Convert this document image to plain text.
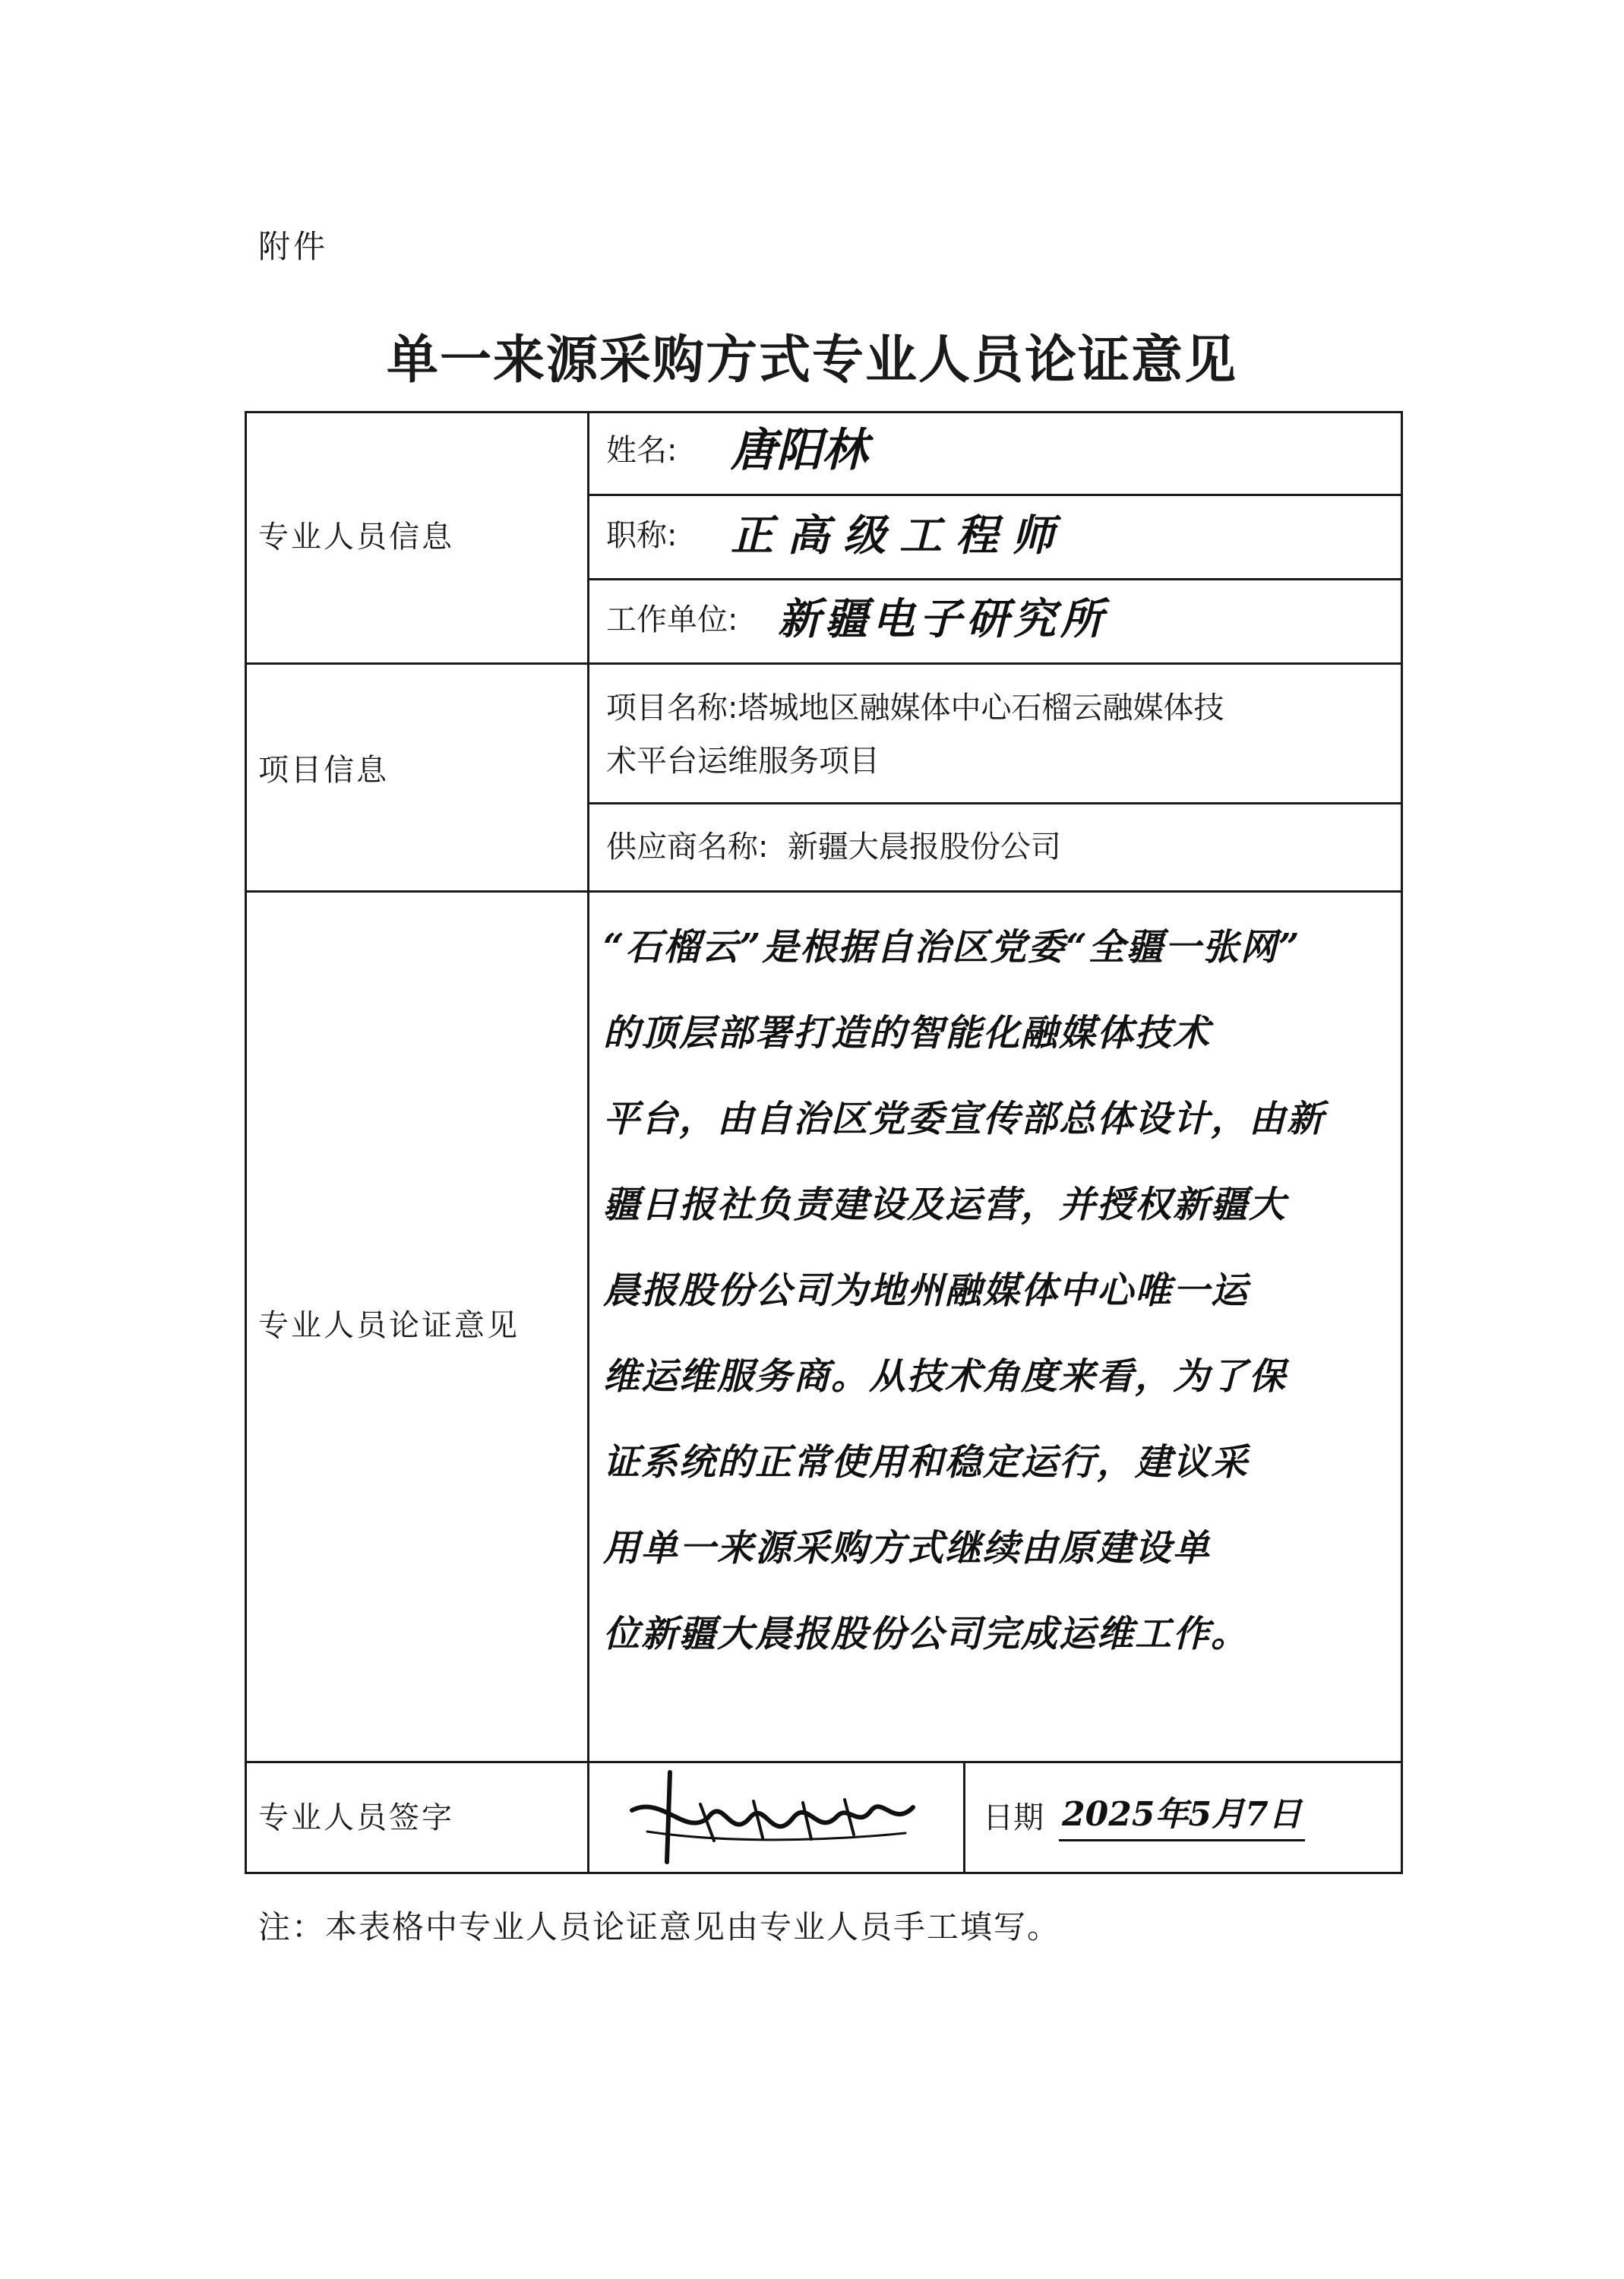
附件
单一来源采购方式专业人员论证意见
专业人员信息
姓名: 唐阳林
职称: 正高级工程师
工作单位: 新疆电子研究所
项目信息
项目名称:塔城地区融媒体中心石榴云融媒体技
术平台运维服务项目
供应商名称: 新疆大晨报股份公司
专业人员论证意见
“石榴云”是根据自治区党委“全疆一张网”
的顶层部署打造的智能化融媒体技术
平台，由自治区党委宣传部总体设计，由新
疆日报社负责建设及运营，并授权新疆大
晨报股份公司为地州融媒体中心唯一运
维运维服务商。从技术角度来看，为了保
证系统的正常使用和稳定运行，建议采
用单一来源采购方式继续由原建设单
位新疆大晨报股份公司完成运维工作。
专业人员签字	日期 2025年5月7日
注：本表格中专业人员论证意见由专业人员手工填写。
